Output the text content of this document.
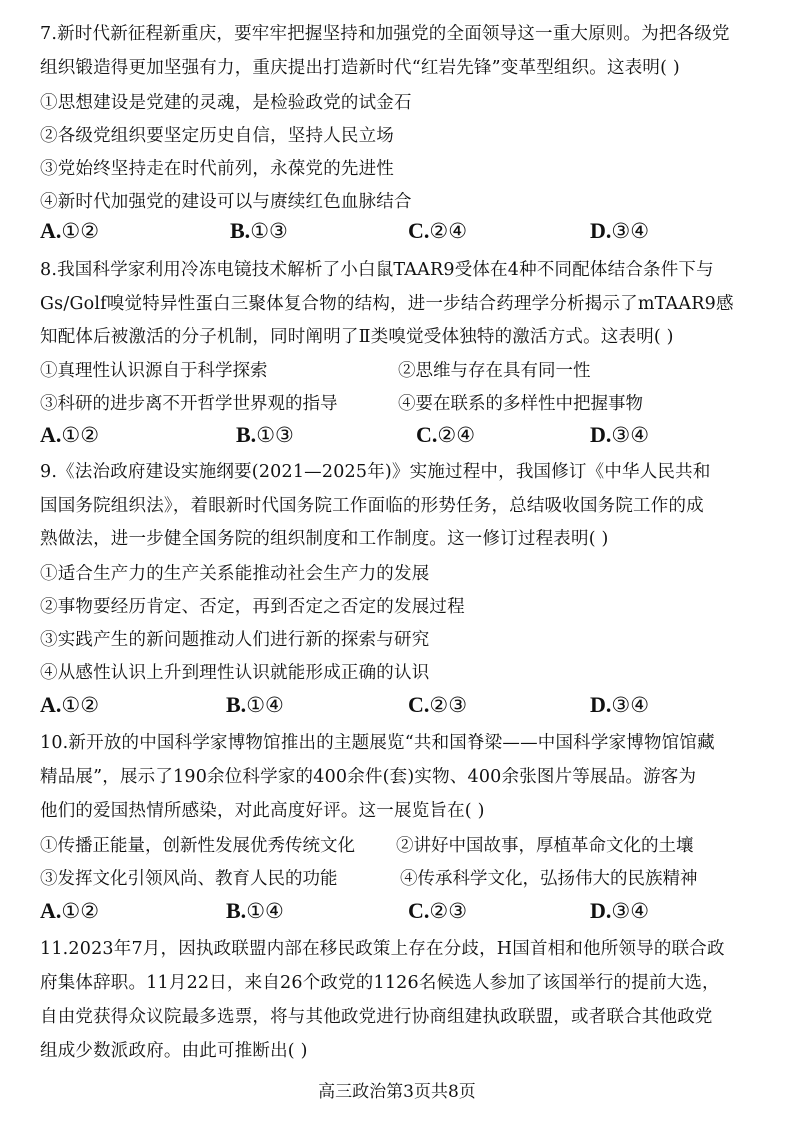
7.新时代新征程新重庆，要牢牢把握坚持和加强党的全面领导这一重大原则。为把各级党
组织锻造得更加坚强有力，重庆提出打造新时代“红岩先锋”变革型组织。这表明( )
①思想建设是党建的灵魂，是检验政党的试金石
②各级党组织要坚定历史自信，坚持人民立场
③党始终坚持走在时代前列，永葆党的先进性
④新时代加强党的建设可以与赓续红色血脉结合
A.①②	B.①③	C.②④	D.③④
8.我国科学家利用冷冻电镜技术解析了小白鼠TAAR9受体在4种不同配体结合条件下与
Gs/Golf嗅觉特异性蛋白三聚体复合物的结构，进一步结合药理学分析揭示了mTAAR9感
知配体后被激活的分子机制，同时阐明了Ⅱ类嗅觉受体独特的激活方式。这表明( )
①真理性认识源自于科学探索	②思维与存在具有同一性
③科研的进步离不开哲学世界观的指导	④要在联系的多样性中把握事物
A.①②	B.①③	C.②④	D.③④
9.《法治政府建设实施纲要(2021—2025年)》实施过程中，我国修订《中华人民共和
国国务院组织法》，着眼新时代国务院工作面临的形势任务，总结吸收国务院工作的成
熟做法，进一步健全国务院的组织制度和工作制度。这一修订过程表明( )
①适合生产力的生产关系能推动社会生产力的发展
②事物要经历肯定、否定，再到否定之否定的发展过程
③实践产生的新问题推动人们进行新的探索与研究
④从感性认识上升到理性认识就能形成正确的认识
A.①②	B.①④	C.②③	D.③④
10.新开放的中国科学家博物馆推出的主题展览“共和国脊梁——中国科学家博物馆馆藏
精品展”，展示了190余位科学家的400余件(套)实物、400余张图片等展品。游客为
他们的爱国热情所感染，对此高度好评。这一展览旨在( )
①传播正能量，创新性发展优秀传统文化 ②讲好中国故事，厚植革命文化的土壤
③发挥文化引领风尚、教育人民的功能	④传承科学文化，弘扬伟大的民族精神
A.①②	B.①④	C.②③	D.③④
11.2023年7月，因执政联盟内部在移民政策上存在分歧，H国首相和他所领导的联合政
府集体辞职。11月22日，来自26个政党的1126名候选人参加了该国举行的提前大选，
自由党获得众议院最多选票，将与其他政党进行协商组建执政联盟，或者联合其他政党
组成少数派政府。由此可推断出( )
高三政治第3页共8页
